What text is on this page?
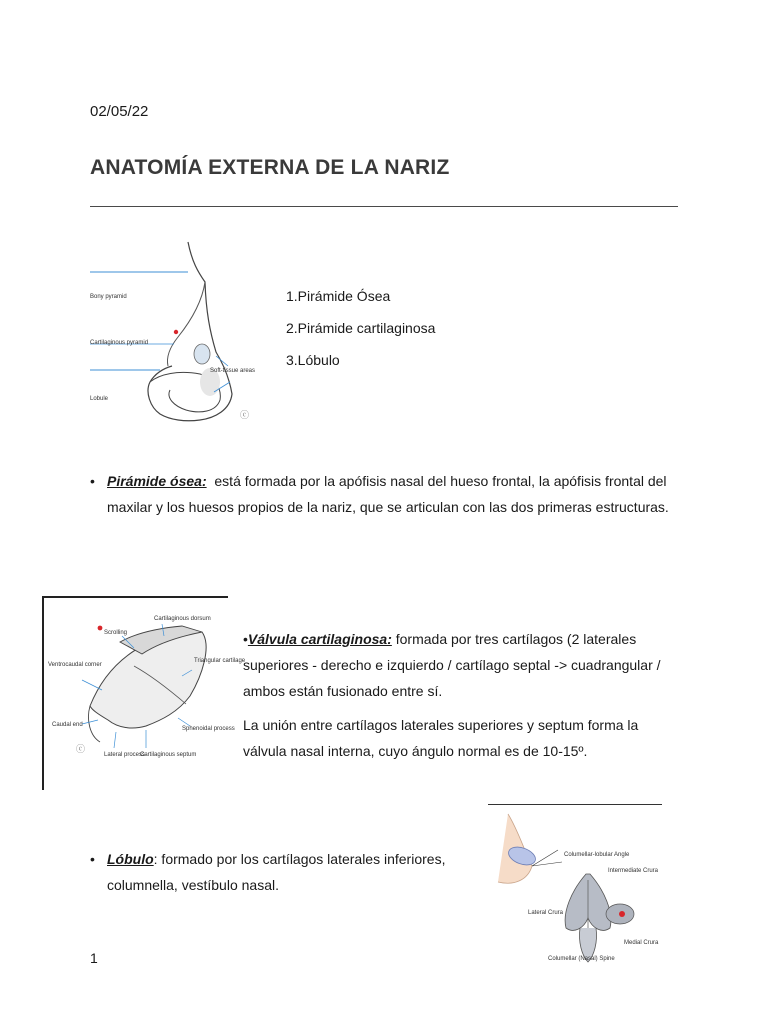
02/05/22
ANATOMÍA EXTERNA DE LA NARIZ
Bony pyramid
Cartilaginous pyramid
Soft-tissue areas
Lobule
ⓒ
1.Pirámide Ósea
2.Pirámide cartilaginosa
3.Lóbulo
• Pirámide ósea:  está formada por la apófisis nasal del hueso frontal, la apófisis frontal del maxilar y los huesos propios de la nariz, que se articulan con las dos primeras estructuras.
Cartilaginous dorsum
Scrolling
Ventrocaudal corner
Triangular cartilage
Caudal end
Sphenoidal process
Lateral process
Cartilaginous septum
ⓒ
•Válvula cartilaginosa: formada por tres cartílagos (2 laterales superiores - derecho e izquierdo / cartílago septal -> cuadrangular / ambos están fusionado entre sí.
La unión entre cartílagos laterales superiores y septum forma la válvula nasal interna, cuyo ángulo normal es de 10-15º.
Columellar-lobular Angle
Intermediate Crura
Lateral Crura
Medial Crura
Columellar (Nasal) Spine
• Lóbulo: formado por los cartílagos laterales inferiores, columnella, vestíbulo nasal.
1
